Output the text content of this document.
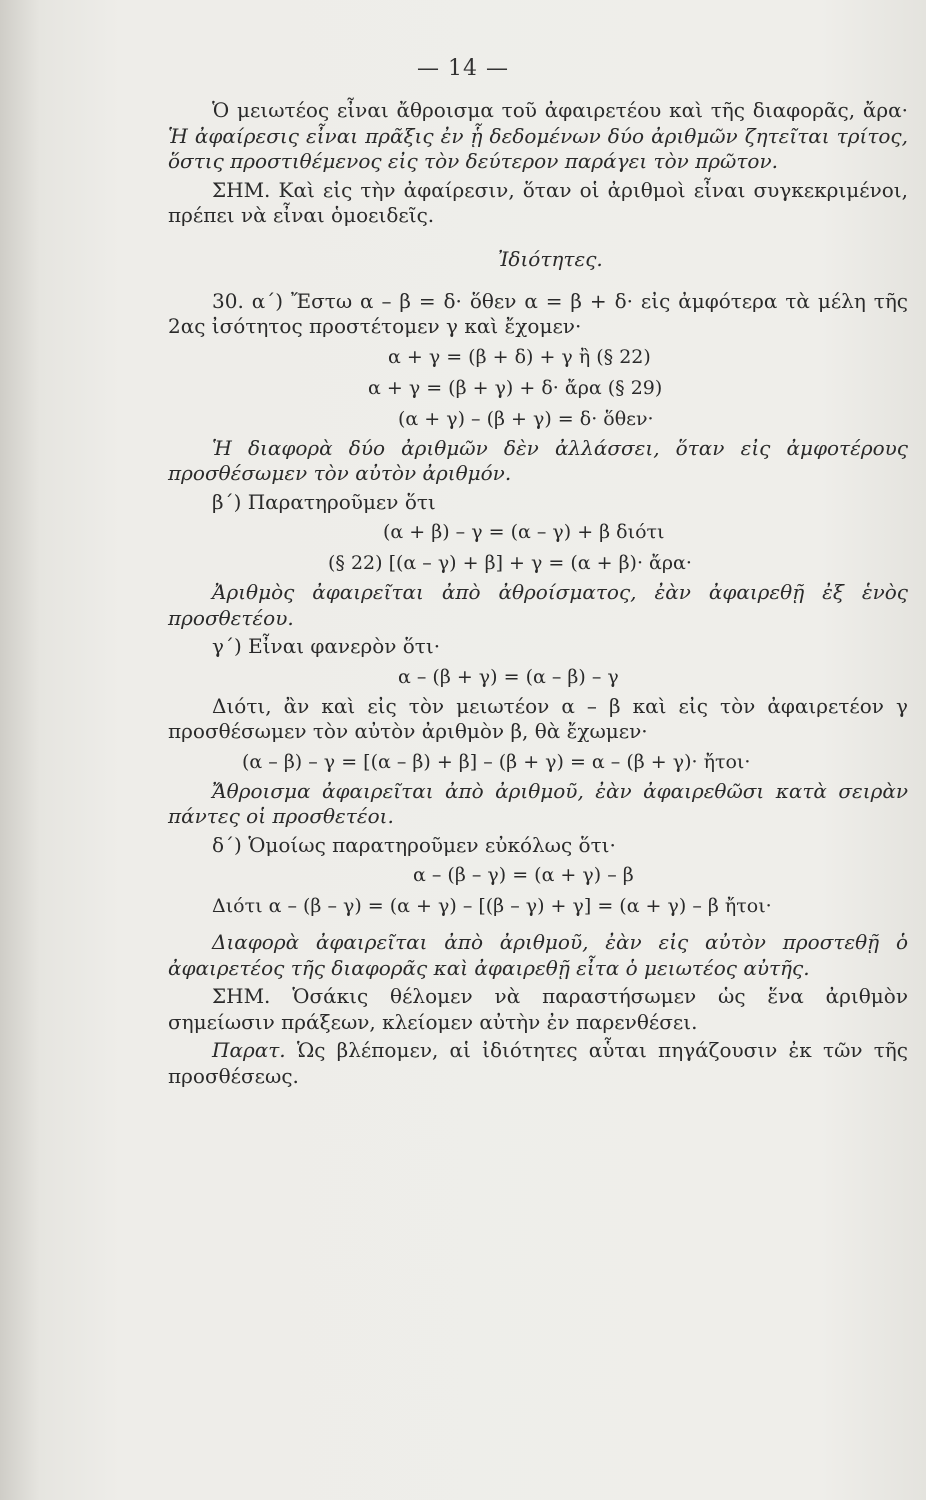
— 14 —

Ὁ μειωτέος εἶναι ἄθροισμα τοῦ ἀφαιρετέου καὶ τῆς διαφορᾶς, ἄρα· Ἡ ἀφαίρεσις εἶναι πρᾶξις ἐν ᾗ δεδομένων δύο ἀριθμῶν ζητεῖται τρίτος, ὅστις προστιθέμενος εἰς τὸν δεύτερον παράγει τὸν πρῶτον.

ΣΗΜ. Καὶ εἰς τὴν ἀφαίρεσιν, ὅταν οἱ ἀριθμοὶ εἶναι συγκεκριμένοι, πρέπει νὰ εἶναι ὁμοειδεῖς.

Ἰδιότητες.

30. α΄) Ἔστω α – β = δ· ὅθεν α = β + δ· εἰς ἀμφότερα τὰ μέλη τῆς 2ας ἰσότητος προστέτομεν γ καὶ ἔχομεν·

α + γ = (β + δ) + γ ἢ (§ 22)
α + γ = (β + γ) + δ· ἄρα (§ 29)
(α + γ) – (β + γ) = δ· ὅθεν·

Ἡ διαφορὰ δύο ἀριθμῶν δὲν ἀλλάσσει, ὅταν εἰς ἀμφοτέρους προσθέσωμεν τὸν αὐτὸν ἀριθμόν.

β΄) Παρατηροῦμεν ὅτι

(α + β) – γ = (α – γ) + β διότι
(§ 22) [(α – γ) + β] + γ = (α + β)· ἄρα·

Ἀριθμὸς ἀφαιρεῖται ἀπὸ ἀθροίσματος, ἐὰν ἀφαιρεθῇ ἐξ ἑνὸς προσθετέου.

γ΄) Εἶναι φανερὸν ὅτι·

α – (β + γ) = (α – β) – γ

Διότι, ἂν καὶ εἰς τὸν μειωτέον α – β καὶ εἰς τὸν ἀφαιρετέον γ προσθέσωμεν τὸν αὐτὸν ἀριθμὸν β, θὰ ἔχωμεν·

(α – β) – γ = [(α – β) + β] – (β + γ) = α – (β + γ)· ἤτοι·

Ἄθροισμα ἀφαιρεῖται ἀπὸ ἀριθμοῦ, ἐὰν ἀφαιρεθῶσι κατὰ σειρὰν πάντες οἱ προσθετέοι.

δ΄) Ὁμοίως παρατηροῦμεν εὐκόλως ὅτι·

α – (β – γ) = (α + γ) – β
Διότι α – (β – γ) = (α + γ) – [(β – γ) + γ] = (α + γ) – β ἤτοι·

Διαφορὰ ἀφαιρεῖται ἀπὸ ἀριθμοῦ, ἐὰν εἰς αὐτὸν προστεθῇ ὁ ἀφαιρετέος τῆς διαφορᾶς καὶ ἀφαιρεθῇ εἶτα ὁ μειωτέος αὐτῆς.

ΣΗΜ. Ὁσάκις θέλομεν νὰ παραστήσωμεν ὡς ἕνα ἀριθμὸν σημείωσιν πράξεων, κλείομεν αὐτὴν ἐν παρενθέσει.

Παρατ. Ὡς βλέπομεν, αἱ ἰδιότητες αὗται πηγάζουσιν ἐκ τῶν τῆς προσθέσεως.
